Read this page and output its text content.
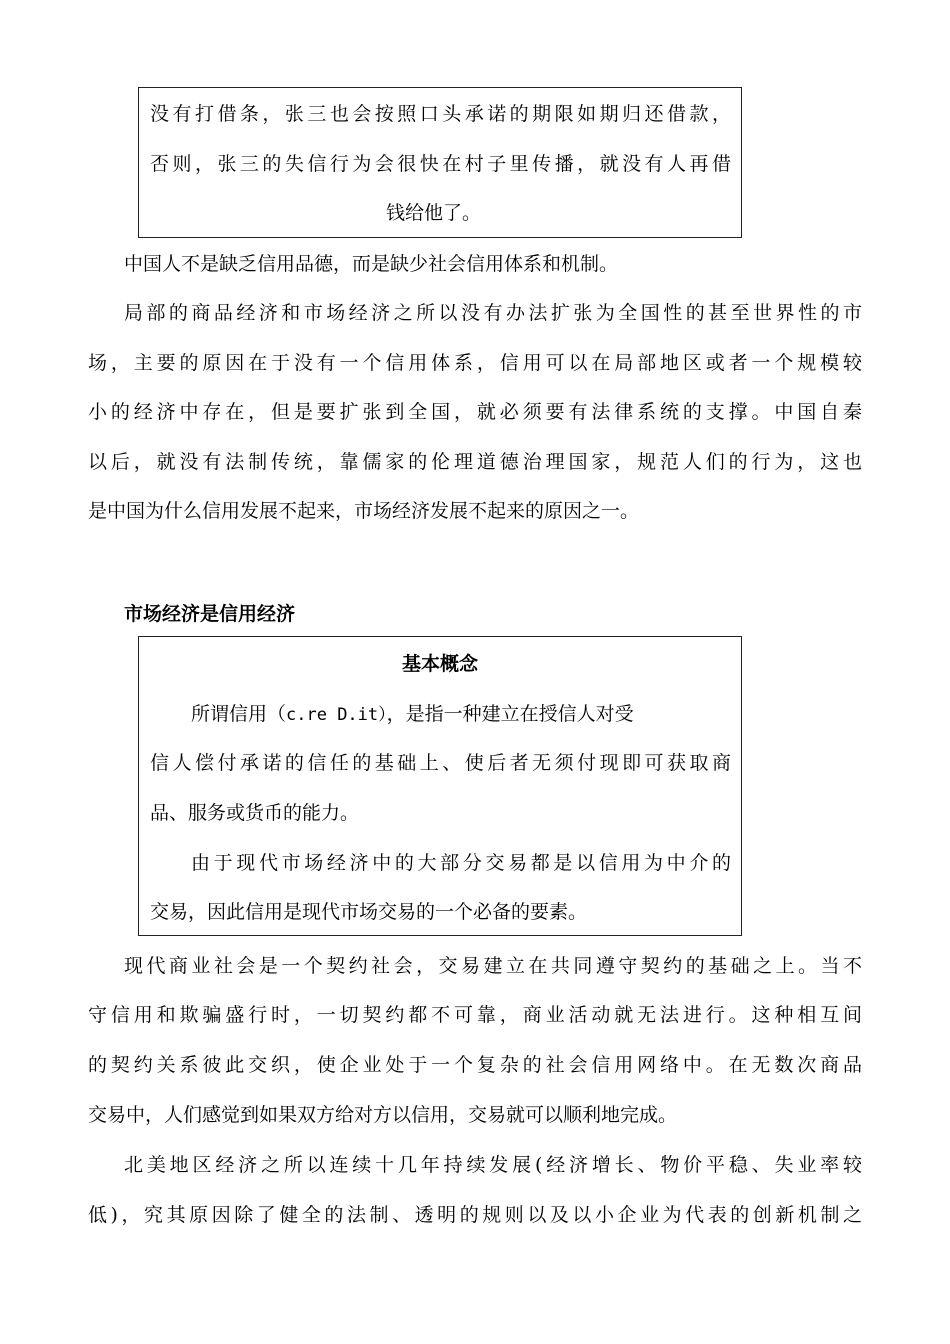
没有打借条，张三也会按照口头承诺的期限如期归还借款，
否则，张三的失信行为会很快在村子里传播，就没有人再借
钱给他了。
中国人不是缺乏信用品德，而是缺少社会信用体系和机制。
局部的商品经济和市场经济之所以没有办法扩张为全国性的甚至世界性的市
场，主要的原因在于没有一个信用体系，信用可以在局部地区或者一个规模较
小的经济中存在，但是要扩张到全国，就必须要有法律系统的支撑。中国自秦
以后，就没有法制传统，靠儒家的伦理道德治理国家，规范人们的行为，这也
是中国为什么信用发展不起来，市场经济发展不起来的原因之一。
市场经济是信用经济
基本概念
所谓信用（c.re D.it），是指一种建立在授信人对受
信人偿付承诺的信任的基础上、使后者无须付现即可获取商
品、服务或货币的能力。
由于现代市场经济中的大部分交易都是以信用为中介的
交易，因此信用是现代市场交易的一个必备的要素。
现代商业社会是一个契约社会，交易建立在共同遵守契约的基础之上。当不
守信用和欺骗盛行时，一切契约都不可靠，商业活动就无法进行。这种相互间
的契约关系彼此交织，使企业处于一个复杂的社会信用网络中。在无数次商品
交易中，人们感觉到如果双方给对方以信用，交易就可以顺利地完成。
北美地区经济之所以连续十几年持续发展(经济增长、物价平稳、失业率较
低)，究其原因除了健全的法制、透明的规则以及以小企业为代表的创新机制之
